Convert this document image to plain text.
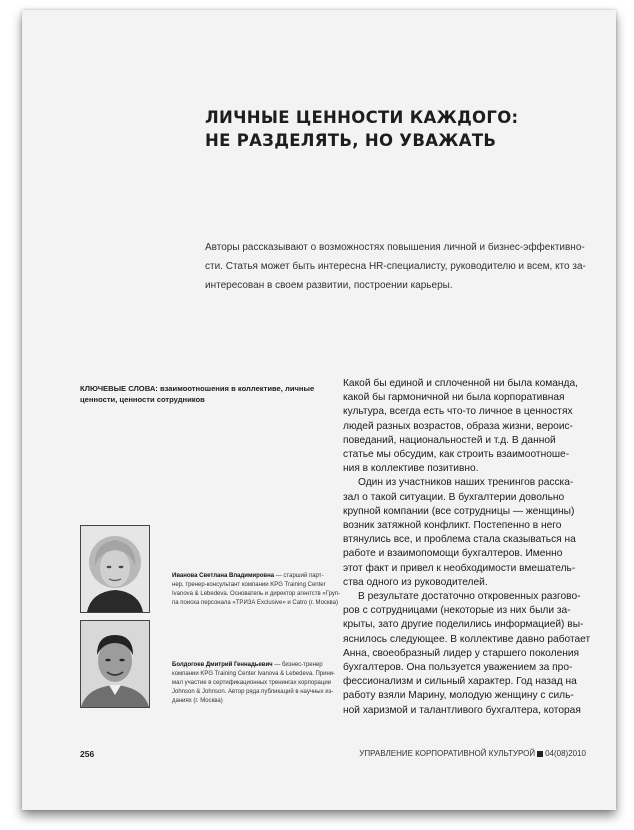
ЛИЧНЫЕ ЦЕННОСТИ КАЖДОГО:
НЕ РАЗДЕЛЯТЬ, НО УВАЖАТЬ
Авторы рассказывают о возможностях повышения личной и бизнес-эффективно-
сти. Статья может быть интересна HR-специалисту, руководителю и всем, кто за-
интересован в своем развитии, построении карьеры.
КЛЮЧЕВЫЕ СЛОВА: взаимоотношения в коллективе, личные ценности, ценности сотрудников
Какой бы единой и сплоченной ни была команда,
какой бы гармоничной ни была корпоративная
культура, всегда есть что-то личное в ценностях
людей разных возрастов, образа жизни, вероис-
поведаний, национальностей и т.д. В данной
статье мы обсудим, как строить взаимоотноше-
ния в коллективе позитивно.
Один из участников наших тренингов расска-
зал о такой ситуации. В бухгалтерии довольно
крупной компании (все сотрудницы — женщины)
возник затяжной конфликт. Постепенно в него
втянулись все, и проблема стала сказываться на
работе и взаимопомощи бухгалтеров. Именно
этот факт и привел к необходимости вмешатель-
ства одного из руководителей.
В результате достаточно откровенных разгово-
ров с сотрудницами (некоторые из них были за-
крыты, зато другие поделились информацией) вы-
яснилось следующее. В коллективе давно работает
Анна, своеобразный лидер у старшего поколения
бухгалтеров. Она пользуется уважением за про-
фессионализм и сильный характер. Год назад на
работу взяли Марину, молодую женщину с силь-
ной харизмой и талантливого бухгалтера, которая
Иванова Светлана Владимировна — старший парт-
нер, тренер-консультант компании KPG Training Center
Ivanova & Lebedeva. Основатель и директор агентств «Груп-
па поиска персонала «ТРИЗА Exclusive» и Catro (г. Москва)
Болдогоев Дмитрий Геннадьевич — бизнес-тренер
компании KPG Training Center Ivanova & Lebedeva. Прини-
мал участие в сертификационных тренингах корпорации
Johnson & Johnson. Автор ряда публикаций в научных из-
даниях (г. Москва)
256	УПРАВЛЕНИЕ КОРПОРАТИВНОЙ КУЛЬТУРОЙ 04(08)2010
